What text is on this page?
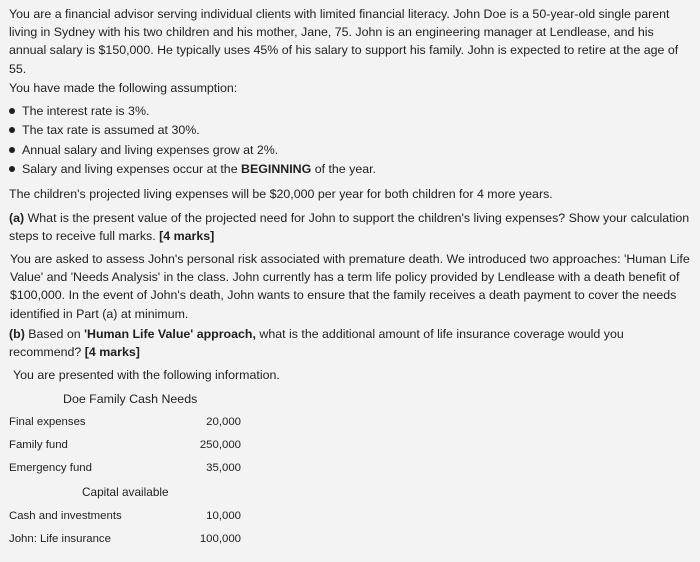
You are a financial advisor serving individual clients with limited financial literacy. John Doe is a 50-year-old single parent living in Sydney with his two children and his mother, Jane, 75. John is an engineering manager at Lendlease, and his annual salary is $150,000. He typically uses 45% of his salary to support his family. John is expected to retire at the age of 55.

You have made the following assumption:

The interest rate is 3%.
The tax rate is assumed at 30%.
Annual salary and living expenses grow at 2%.
Salary and living expenses occur at the BEGINNING of the year.

The children's projected living expenses will be $20,000 per year for both children for 4 more years.

(a) What is the present value of the projected need for John to support the children's living expenses? Show your calculation steps to receive full marks. [4 marks]

You are asked to assess John's personal risk associated with premature death. We introduced two approaches: 'Human Life Value' and 'Needs Analysis' in the class. John currently has a term life policy provided by Lendlease with a death benefit of $100,000. In the event of John's death, John wants to ensure that the family receives a death payment to cover the needs identified in Part (a) at minimum.

(b) Based on 'Human Life Value' approach, what is the additional amount of life insurance coverage would you recommend? [4 marks]

You are presented with the following information.

Doe Family Cash Needs
Final expenses	20,000
Family fund	250,000
Emergency fund	35,000
Capital available
Cash and investments	10,000
John: Life insurance	100,000
